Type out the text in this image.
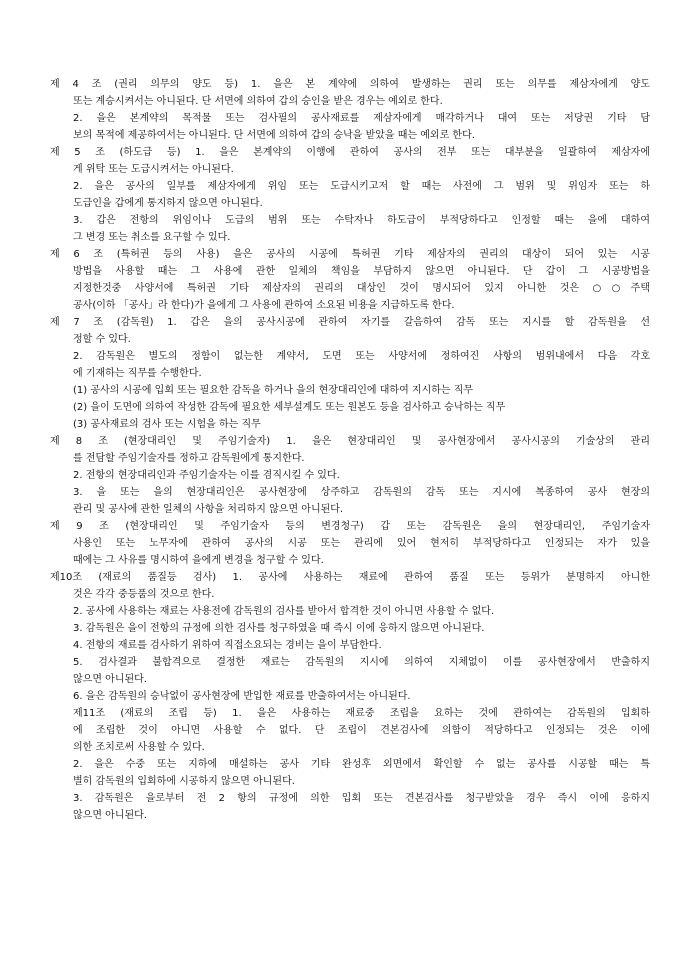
제 4 조 (권리 의무의 양도 등) 1. 을은 본 계약에 의하여 발생하는 권리 또는 의무를 제삼자에게 양도
또는 계승시켜서는 아니된다. 단 서면에 의하여 갑의 승인을 받은 경우는 예외로 한다.
2. 을은 본계약의 목적물 또는 검사필의 공사재료를 제삼자에게 매각하거나 대여 또는 저당권 기타 담
보의 목적에 제공하여서는 아니된다. 단 서면에 의하여 갑의 승낙을 받았을 때는 예외로 한다.
제 5 조 (하도급 등) 1. 을은 본계약의 이행에 관하여 공사의 전부 또는 대부분을 일괄하여 제삼자에
게 위탁 또는 도급시켜서는 아니된다.
2. 을은 공사의 일부를 제삼자에게 위임 또는 도급시키고저 할 때는 사전에 그 범위 및 위임자 또는 하
도급인을 갑에게 통지하지 않으면 아니된다.
3. 갑은 전항의 위임이나 도급의 범위 또는 수탁자나 하도급이 부적당하다고 인정할 때는 을에 대하여
그 변경 또는 취소를 요구할 수 있다.
제 6 조 (특허권 등의 사용) 을은 공사의 시공에 특허권 기타 제삼자의 권리의 대상이 되어 있는 시공
방법을 사용할 때는 그 사용에 관한 일체의 책임을 부담하지 않으면 아니된다. 단 갑이 그 시공방법을
지정한것중 사양서에 특허권 기타 제삼자의 권리의 대상인 것이 명시되어 있지 아니한 것은 ○○주택
공사(이하 「공사」라 한다)가 을에게 그 사용에 관하여 소요된 비용을 지급하도록 한다.
제 7 조 (감독원) 1. 갑은 을의 공사시공에 관하여 자기를 갈음하여 감독 또는 지시를 할 감독원을 선
정할 수 있다.
2. 감독원은 별도의 정함이 없는한 계약서, 도면 또는 사양서에 정하여진 사항의 범위내에서 다음 각호
에 기재하는 직무를 수행한다.
(1) 공사의 시공에 입회 또는 필요한 감독을 하거나 을의 현장대리인에 대하여 지시하는 직무
(2) 을이 도면에 의하여 작성한 감독에 필요한 세부설계도 또는 원본도 등을 검사하고 승낙하는 직무
(3) 공사재료의 검사 또는 시험을 하는 직무
제 8 조 (현장대리인 및 주임기술자) 1. 을은 현장대리인 및 공사현장에서 공사시공의 기술상의 관리
를 전담할 주임기술자를 정하고 감독원에게 통지한다.
2. 전항의 현장대리인과 주임기술자는 이를 겸직시킬 수 있다.
3. 을 또는 을의 현장대리인은 공사현장에 상주하고 감독원의 감독 또는 지시에 복종하여 공사 현장의
관리 및 공사에 관한 일체의 사항을 처리하지 않으면 아니된다.
제 9 조 (현장대리인 및 주임기술자 등의 변경청구) 갑 또는 감독원은 을의 현장대리인, 주임기술자
사용인 또는 노무자에 관하여 공사의 시공 또는 관리에 있어 현저히 부적당하다고 인정되는 자가 있을
때에는 그 사유를 명시하여 을에게 변경을 청구할 수 있다.
제10조 (재료의 품질등 검사) 1. 공사에 사용하는 재료에 관하여 품질 또는 등위가 분명하지 아니한
것은 각각 중등품의 것으로 한다.
2. 공사에 사용하는 재료는 사용전에 감독원의 검사를 받아서 합격한 것이 아니면 사용할 수 없다.
3. 감독원은 을이 전항의 규정에 의한 검사를 청구하였을 때 즉시 이에 응하지 않으면 아니된다.
4. 전항의 재료를 검사하기 위하여 직접소요되는 경비는 을이 부담한다.
5. 검사결과 불합격으로 결정한 재료는 감독원의 지시에 의하여 지체없이 이를 공사현장에서 반출하지
않으면 아니된다.
6. 을은 감독원의 승낙없이 공사현장에 반입한 재료를 반출하여서는 아니된다.
제11조 (재료의 조립 등) 1. 을은 사용하는 재료중 조립을 요하는 것에 관하여는 감독원의 입회하
에 조립한 것이 아니면 사용할 수 없다. 단 조립이 견본검사에 의함이 적당하다고 인정되는 것은 이에
의한 조치로써 사용할 수 있다.
2. 을은 수중 또는 지하에 매설하는 공사 기타 완성후 외면에서 확인할 수 없는 공사를 시공할 때는 특
별히 감독원의 입회하에 시공하지 않으면 아니된다.
3. 감독원은 을로부터 전 2 항의 규정에 의한 입회 또는 견본검사를 청구받았을 경우 즉시 이에 응하지
않으면 아니된다.
